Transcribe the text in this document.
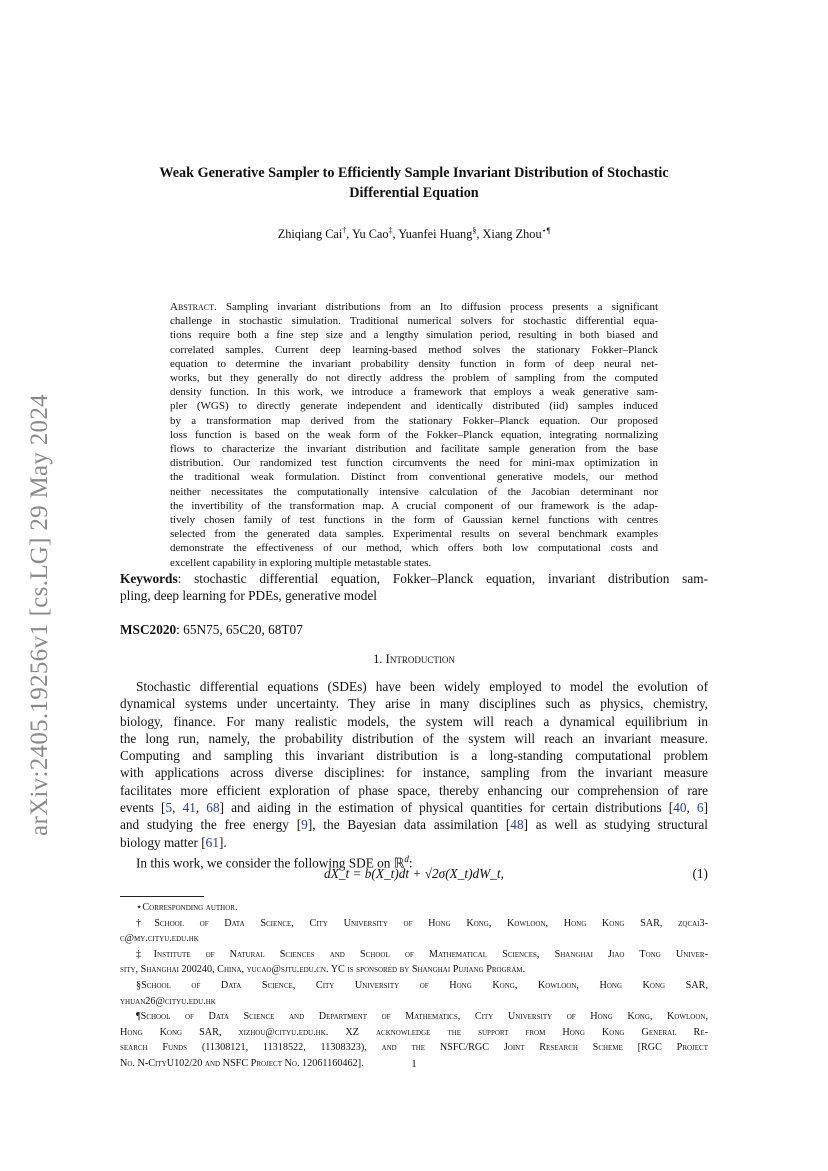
arXiv:2405.19256v1 [cs.LG] 29 May 2024
Weak Generative Sampler to Efficiently Sample Invariant Distribution of Stochastic
Differential Equation
Zhiqiang Cai†, Yu Cao‡, Yuanfei Huang§, Xiang Zhou⋆¶
Abstract. Sampling invariant distributions from an Ito diffusion process presents a significant
challenge in stochastic simulation. Traditional numerical solvers for stochastic differential equa-
tions require both a fine step size and a lengthy simulation period, resulting in both biased and
correlated samples. Current deep learning-based method solves the stationary Fokker–Planck
equation to determine the invariant probability density function in form of deep neural net-
works, but they generally do not directly address the problem of sampling from the computed
density function. In this work, we introduce a framework that employs a weak generative sam-
pler (WGS) to directly generate independent and identically distributed (iid) samples induced
by a transformation map derived from the stationary Fokker–Planck equation. Our proposed
loss function is based on the weak form of the Fokker–Planck equation, integrating normalizing
flows to characterize the invariant distribution and facilitate sample generation from the base
distribution. Our randomized test function circumvents the need for mini-max optimization in
the traditional weak formulation. Distinct from conventional generative models, our method
neither necessitates the computationally intensive calculation of the Jacobian determinant nor
the invertibility of the transformation map. A crucial component of our framework is the adap-
tively chosen family of test functions in the form of Gaussian kernel functions with centres
selected from the generated data samples. Experimental results on several benchmark examples
demonstrate the effectiveness of our method, which offers both low computational costs and
excellent capability in exploring multiple metastable states.
Keywords: stochastic differential equation, Fokker–Planck equation, invariant distribution sam-
pling, deep learning for PDEs, generative model
MSC2020: 65N75, 65C20, 68T07
1. Introduction
Stochastic differential equations (SDEs) have been widely employed to model the evolution of
dynamical systems under uncertainty. They arise in many disciplines such as physics, chemistry,
biology, finance. For many realistic models, the system will reach a dynamical equilibrium in
the long run, namely, the probability distribution of the system will reach an invariant measure.
Computing and sampling this invariant distribution is a long-standing computational problem
with applications across diverse disciplines: for instance, sampling from the invariant measure
facilitates more efficient exploration of phase space, thereby enhancing our comprehension of rare
events [5, 41, 68] and aiding in the estimation of physical quantities for certain distributions [40, 6]
and studying the free energy [9], the Bayesian data assimilation [48] as well as studying structural
biology matter [61].
In this work, we consider the following SDE on ℝ$^d$:
dX_t = b(X_t)dt + √2σ(X_t)dW_t,	(1)
⋆Corresponding author.
†School of Data Science, City University of Hong Kong, Kowloon, Hong Kong SAR, zqcai3-
c@my.cityu.edu.hk
‡Institute of Natural Sciences and School of Mathematical Sciences, Shanghai Jiao Tong Univer-
sity, Shanghai 200240, China, yucao@sjtu.edu.cn. YC is sponsored by Shanghai Pujiang Program.
§School of Data Science, City University of Hong Kong, Kowloon, Hong Kong SAR,
yhuan26@cityu.edu.hk
¶School of Data Science and Department of Mathematics, City University of Hong Kong, Kowloon,
Hong Kong SAR, xizhou@cityu.edu.hk. XZ acknowledge the support from Hong Kong General Re-
search Funds (11308121, 11318522, 11308323), and the NSFC/RGC Joint Research Scheme [RGC Project
No. N-CityU102/20 and NSFC Project No. 12061160462].	1
